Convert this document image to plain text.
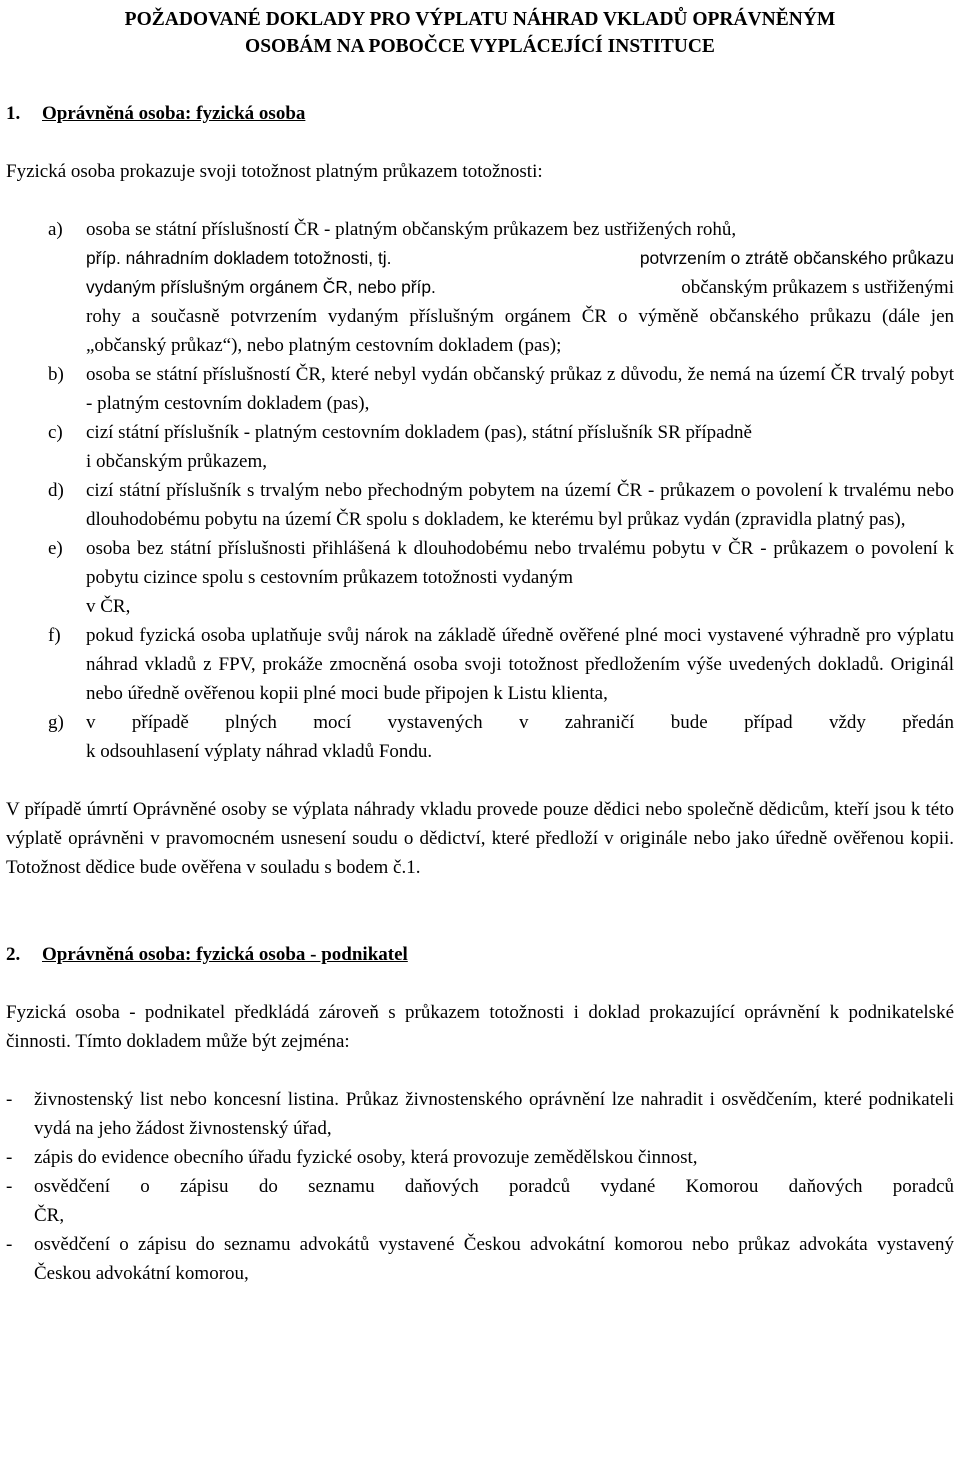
POŽADOVANÉ DOKLADY PRO VÝPLATU NÁHRAD VKLADŮ OPRÁVNĚNÝM
OSOBÁM NA POBOČCE VYPLÁCEJÍCÍ INSTITUCE
1. Oprávněná osoba: fyzická osoba

Fyzická osoba prokazuje svoji totožnost platným průkazem totožnosti:

a)	osoba se státní příslušností ČR - platným občanským průkazem bez ustřižených rohů,
příp. náhradním dokladem totožnosti, tj.	potvrzením o ztrátě občanského průkazu
vydaným příslušným orgánem ČR, nebo příp.	občanským průkazem s ustřiženými
rohy a současně potvrzením vydaným příslušným orgánem ČR o výměně občanského průkazu (dále jen „občanský průkaz“), nebo platným cestovním dokladem (pas);
b)	osoba se státní příslušností ČR, které nebyl vydán občanský průkaz z důvodu, že nemá na území ČR trvalý pobyt - platným cestovním dokladem (pas),
c)	cizí státní příslušník - platným cestovním dokladem (pas), státní příslušník SR případně
i občanským průkazem,
d)	cizí státní příslušník s trvalým nebo přechodným pobytem na území ČR - průkazem o povolení k trvalému nebo dlouhodobému pobytu na území ČR spolu s dokladem, ke kterému byl průkaz vydán (zpravidla platný pas),
e)	osoba bez státní příslušnosti přihlášená k dlouhodobému nebo trvalému pobytu v ČR - průkazem o povolení k pobytu cizince spolu s cestovním průkazem totožnosti vydaným
v ČR,
f)	pokud fyzická osoba uplatňuje svůj nárok na základě úředně ověřené plné moci vystavené výhradně pro výplatu náhrad vkladů z FPV, prokáže zmocněná osoba svoji totožnost předložením výše uvedených dokladů. Originál nebo úředně ověřenou kopii plné moci bude připojen k Listu klienta,
g)	v případě plných mocí vystavených v zahraničí bude případ vždy předán
k odsouhlasení výplaty náhrad vkladů Fondu.

V případě úmrtí Oprávněné osoby se výplata náhrady vkladu provede pouze dědici nebo společně dědicům, kteří jsou k této výplatě oprávněni v pravomocném usnesení soudu o dědictví, které předloží v originále nebo jako úředně ověřenou kopii. Totožnost dědice bude ověřena v souladu s bodem č.1.

2. Oprávněná osoba: fyzická osoba - podnikatel

Fyzická osoba - podnikatel předkládá zároveň s průkazem totožnosti i doklad prokazující oprávnění k podnikatelské činnosti. Tímto dokladem může být zejména:

-	živnostenský list nebo koncesní listina. Průkaz živnostenského oprávnění lze nahradit i osvědčením, které podnikateli vydá na jeho žádost živnostenský úřad,
-	zápis do evidence obecního úřadu fyzické osoby, která provozuje zemědělskou činnost,
-	osvědčení o zápisu do seznamu daňových poradců vydané Komorou daňových poradců
ČR,
-	osvědčení o zápisu do seznamu advokátů vystavené Českou advokátní komorou nebo průkaz advokáta vystavený Českou advokátní komorou,
